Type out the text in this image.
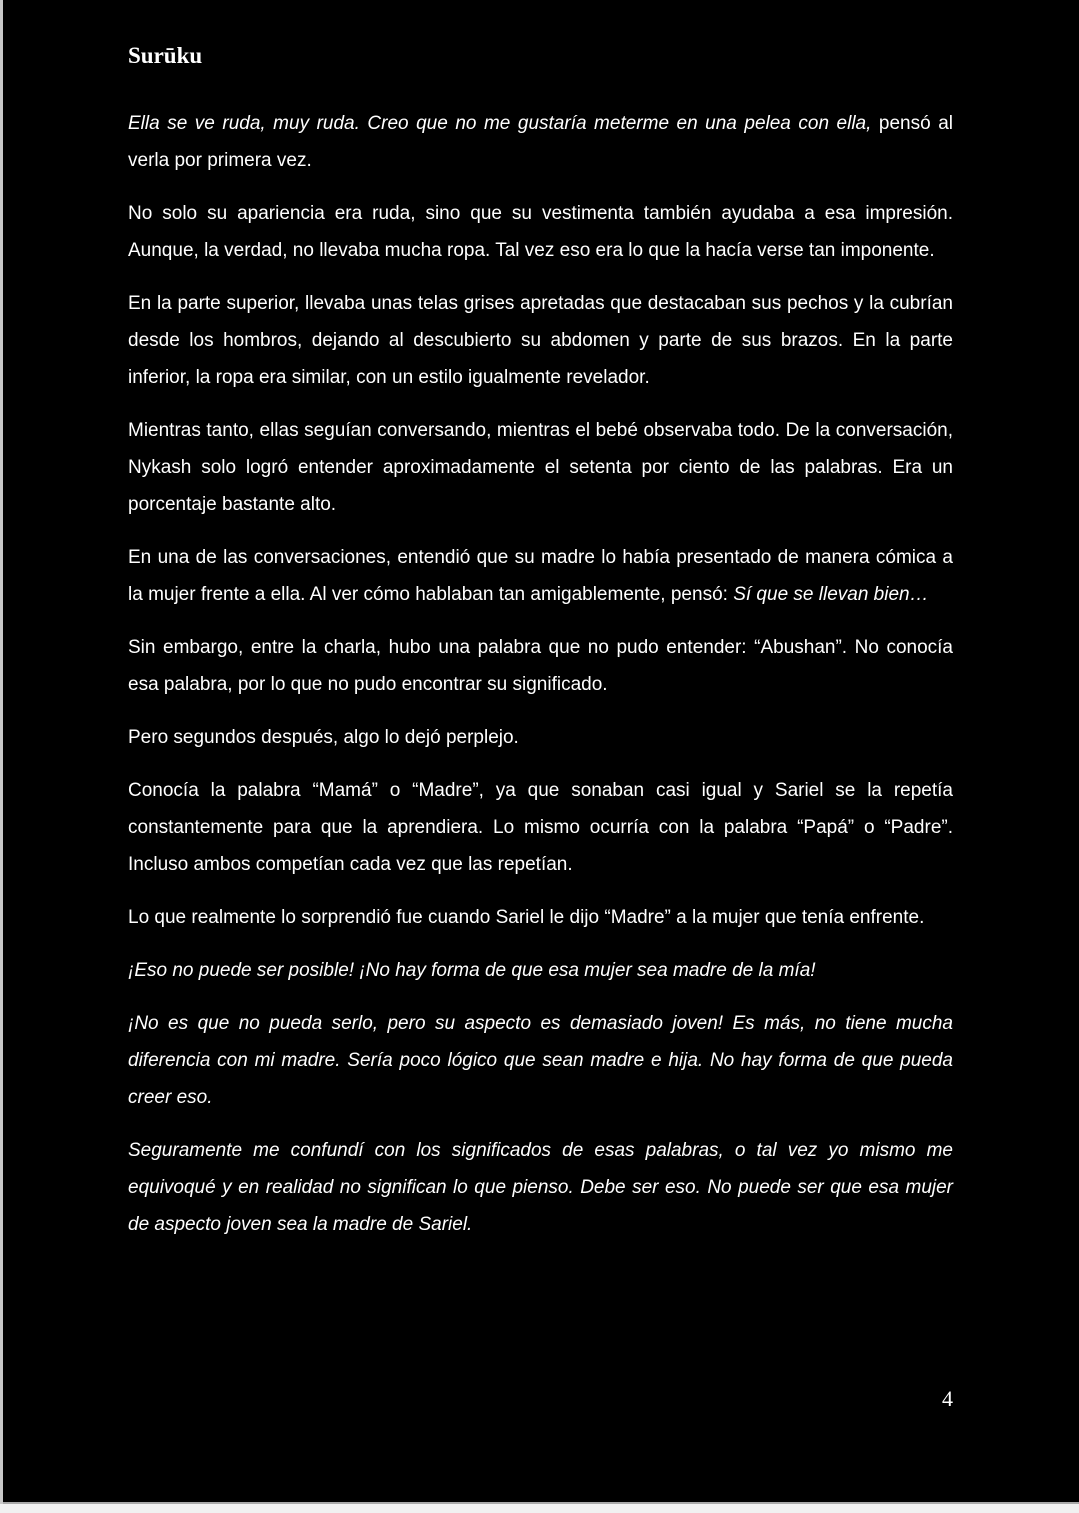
Surūku

Ella se ve ruda, muy ruda. Creo que no me gustaría meterme en una pelea con ella, pensó al verla por primera vez.

No solo su apariencia era ruda, sino que su vestimenta también ayudaba a esa impresión. Aunque, la verdad, no llevaba mucha ropa. Tal vez eso era lo que la hacía verse tan imponente.

En la parte superior, llevaba unas telas grises apretadas que destacaban sus pechos y la cubrían desde los hombros, dejando al descubierto su abdomen y parte de sus brazos. En la parte inferior, la ropa era similar, con un estilo igualmente revelador.

Mientras tanto, ellas seguían conversando, mientras el bebé observaba todo. De la conversación, Nykash solo logró entender aproximadamente el setenta por ciento de las palabras. Era un porcentaje bastante alto.

En una de las conversaciones, entendió que su madre lo había presentado de manera cómica a la mujer frente a ella. Al ver cómo hablaban tan amigablemente, pensó: Sí que se llevan bien…

Sin embargo, entre la charla, hubo una palabra que no pudo entender: “Abushan”. No conocía esa palabra, por lo que no pudo encontrar su significado.

Pero segundos después, algo lo dejó perplejo.

Conocía la palabra “Mamá” o “Madre”, ya que sonaban casi igual y Sariel se la repetía constantemente para que la aprendiera. Lo mismo ocurría con la palabra “Papá” o “Padre”. Incluso ambos competían cada vez que las repetían.

Lo que realmente lo sorprendió fue cuando Sariel le dijo “Madre” a la mujer que tenía enfrente.

¡Eso no puede ser posible! ¡No hay forma de que esa mujer sea madre de la mía!

¡No es que no pueda serlo, pero su aspecto es demasiado joven! Es más, no tiene mucha diferencia con mi madre. Sería poco lógico que sean madre e hija. No hay forma de que pueda creer eso.

Seguramente me confundí con los significados de esas palabras, o tal vez yo mismo me equivoqué y en realidad no significan lo que pienso. Debe ser eso. No puede ser que esa mujer de aspecto joven sea la madre de Sariel.

4
